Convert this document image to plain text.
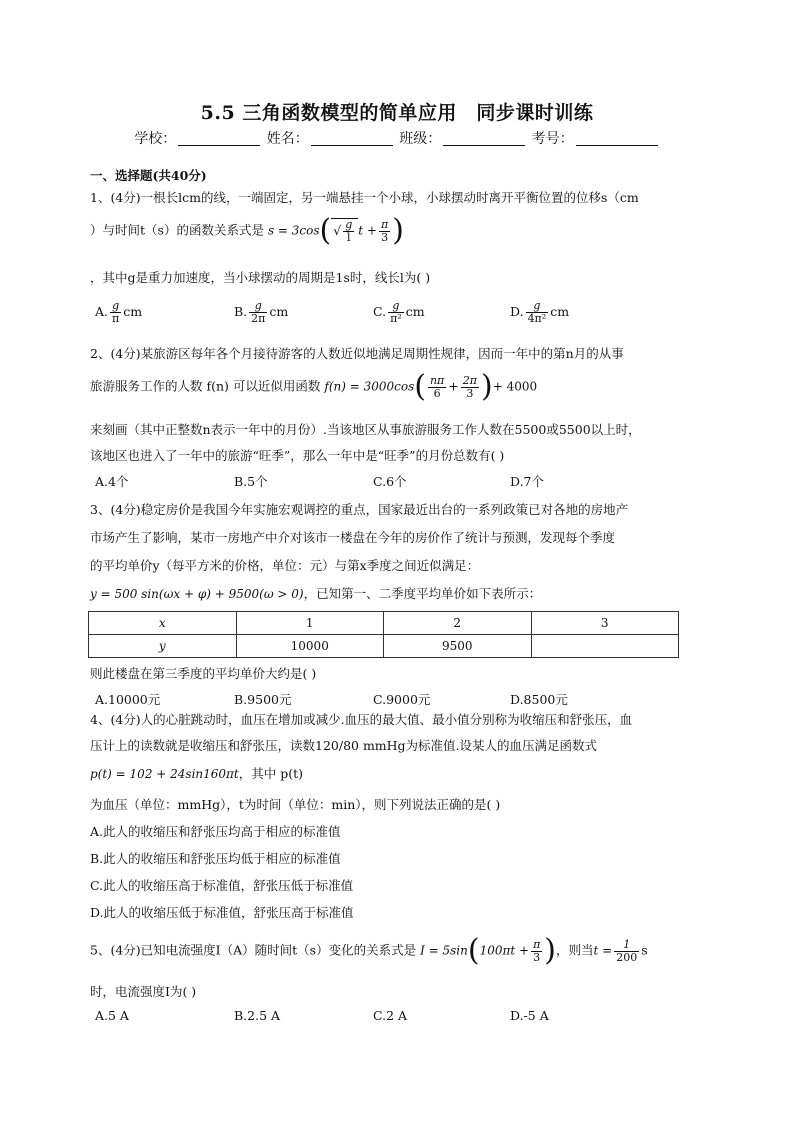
5.5 三角函数模型的简单应用　同步课时训练
学校：	姓名：	班级：	考号：
一、选择题(共40分)
1、(4分)一根长lcm的线，一端固定，另一端悬挂一个小球，小球摆动时离开平衡位置的位移s（cm
）与时间t（s）的函数关系式是 s = 3cos( √ $\frac{g}{l}$ $t + \frac{\pi}{3}$ )
，其中g是重力加速度，当小球摆动的周期是1s时，线长l为( )
A. $\frac{g}{\pi}$ cm	B. $\frac{g}{2\pi}$ cm	C. $\frac{g}{\text{π²}}$ cm	D. $\frac{g}{\text{4π²}}$ cm
2、(4分)某旅游区每年各个月接待游客的人数近似地满足周期性规律，因而一年中的第n月的从事
旅游服务工作的人数 f(n) 可以近似用函数 $f(n) = 3000\cos( \frac{n\pi}{6} + \frac{2\pi}{3}$ )+ 4000
来刻画（其中正整数n表示一年中的月份）.当该地区从事旅游服务工作人数在5500或5500以上时，
该地区也进入了一年中的旅游“旺季”，那么一年中是“旺季”的月份总数有( )
A.4个	B.5个	C.6个	D.7个
3、(4分)稳定房价是我国今年实施宏观调控的重点，国家最近出台的一系列政策已对各地的房地产
市场产生了影响，某市一房地产中介对该市一楼盘在今年的房价作了统计与预测，发现每个季度
的平均单价y（每平方米的价格，单位：元）与第x季度之间近似满足：
y = 500 sin(ωx + φ) + 9500(ω > 0)，已知第一、二季度平均单价如下表所示：
x	1	2	3
y	10000	9500	
则此楼盘在第三季度的平均单价大约是( )
A.10000元	B.9500元	C.9000元	D.8500元
4、(4分)人的心脏跳动时，血压在增加或减少.血压的最大值、最小值分别称为收缩压和舒张压，血
压计上的读数就是收缩压和舒张压，读数120/80 mmHg为标准值.设某人的血压满足函数式
p(t) = 102 + 24sin160πt，其中 p(t)
为血压（单位：mmHg），t为时间（单位：min），则下列说法正确的是( )
A.此人的收缩压和舒张压均高于相应的标准值
B.此人的收缩压和舒张压均低于相应的标准值
C.此人的收缩压高于标准值，舒张压低于标准值
D.此人的收缩压低于标准值，舒张压高于标准值
5、(4分)已知电流强度I（A）随时间t（s）变化的关系式是 $I = 5\sin(100\pi t + \frac{\pi}{3}$ )，则当$t = \frac{1}{200}$ s
时，电流强度I为( )
A.5 A	B.2.5 A	C.2 A	D.-5 A
